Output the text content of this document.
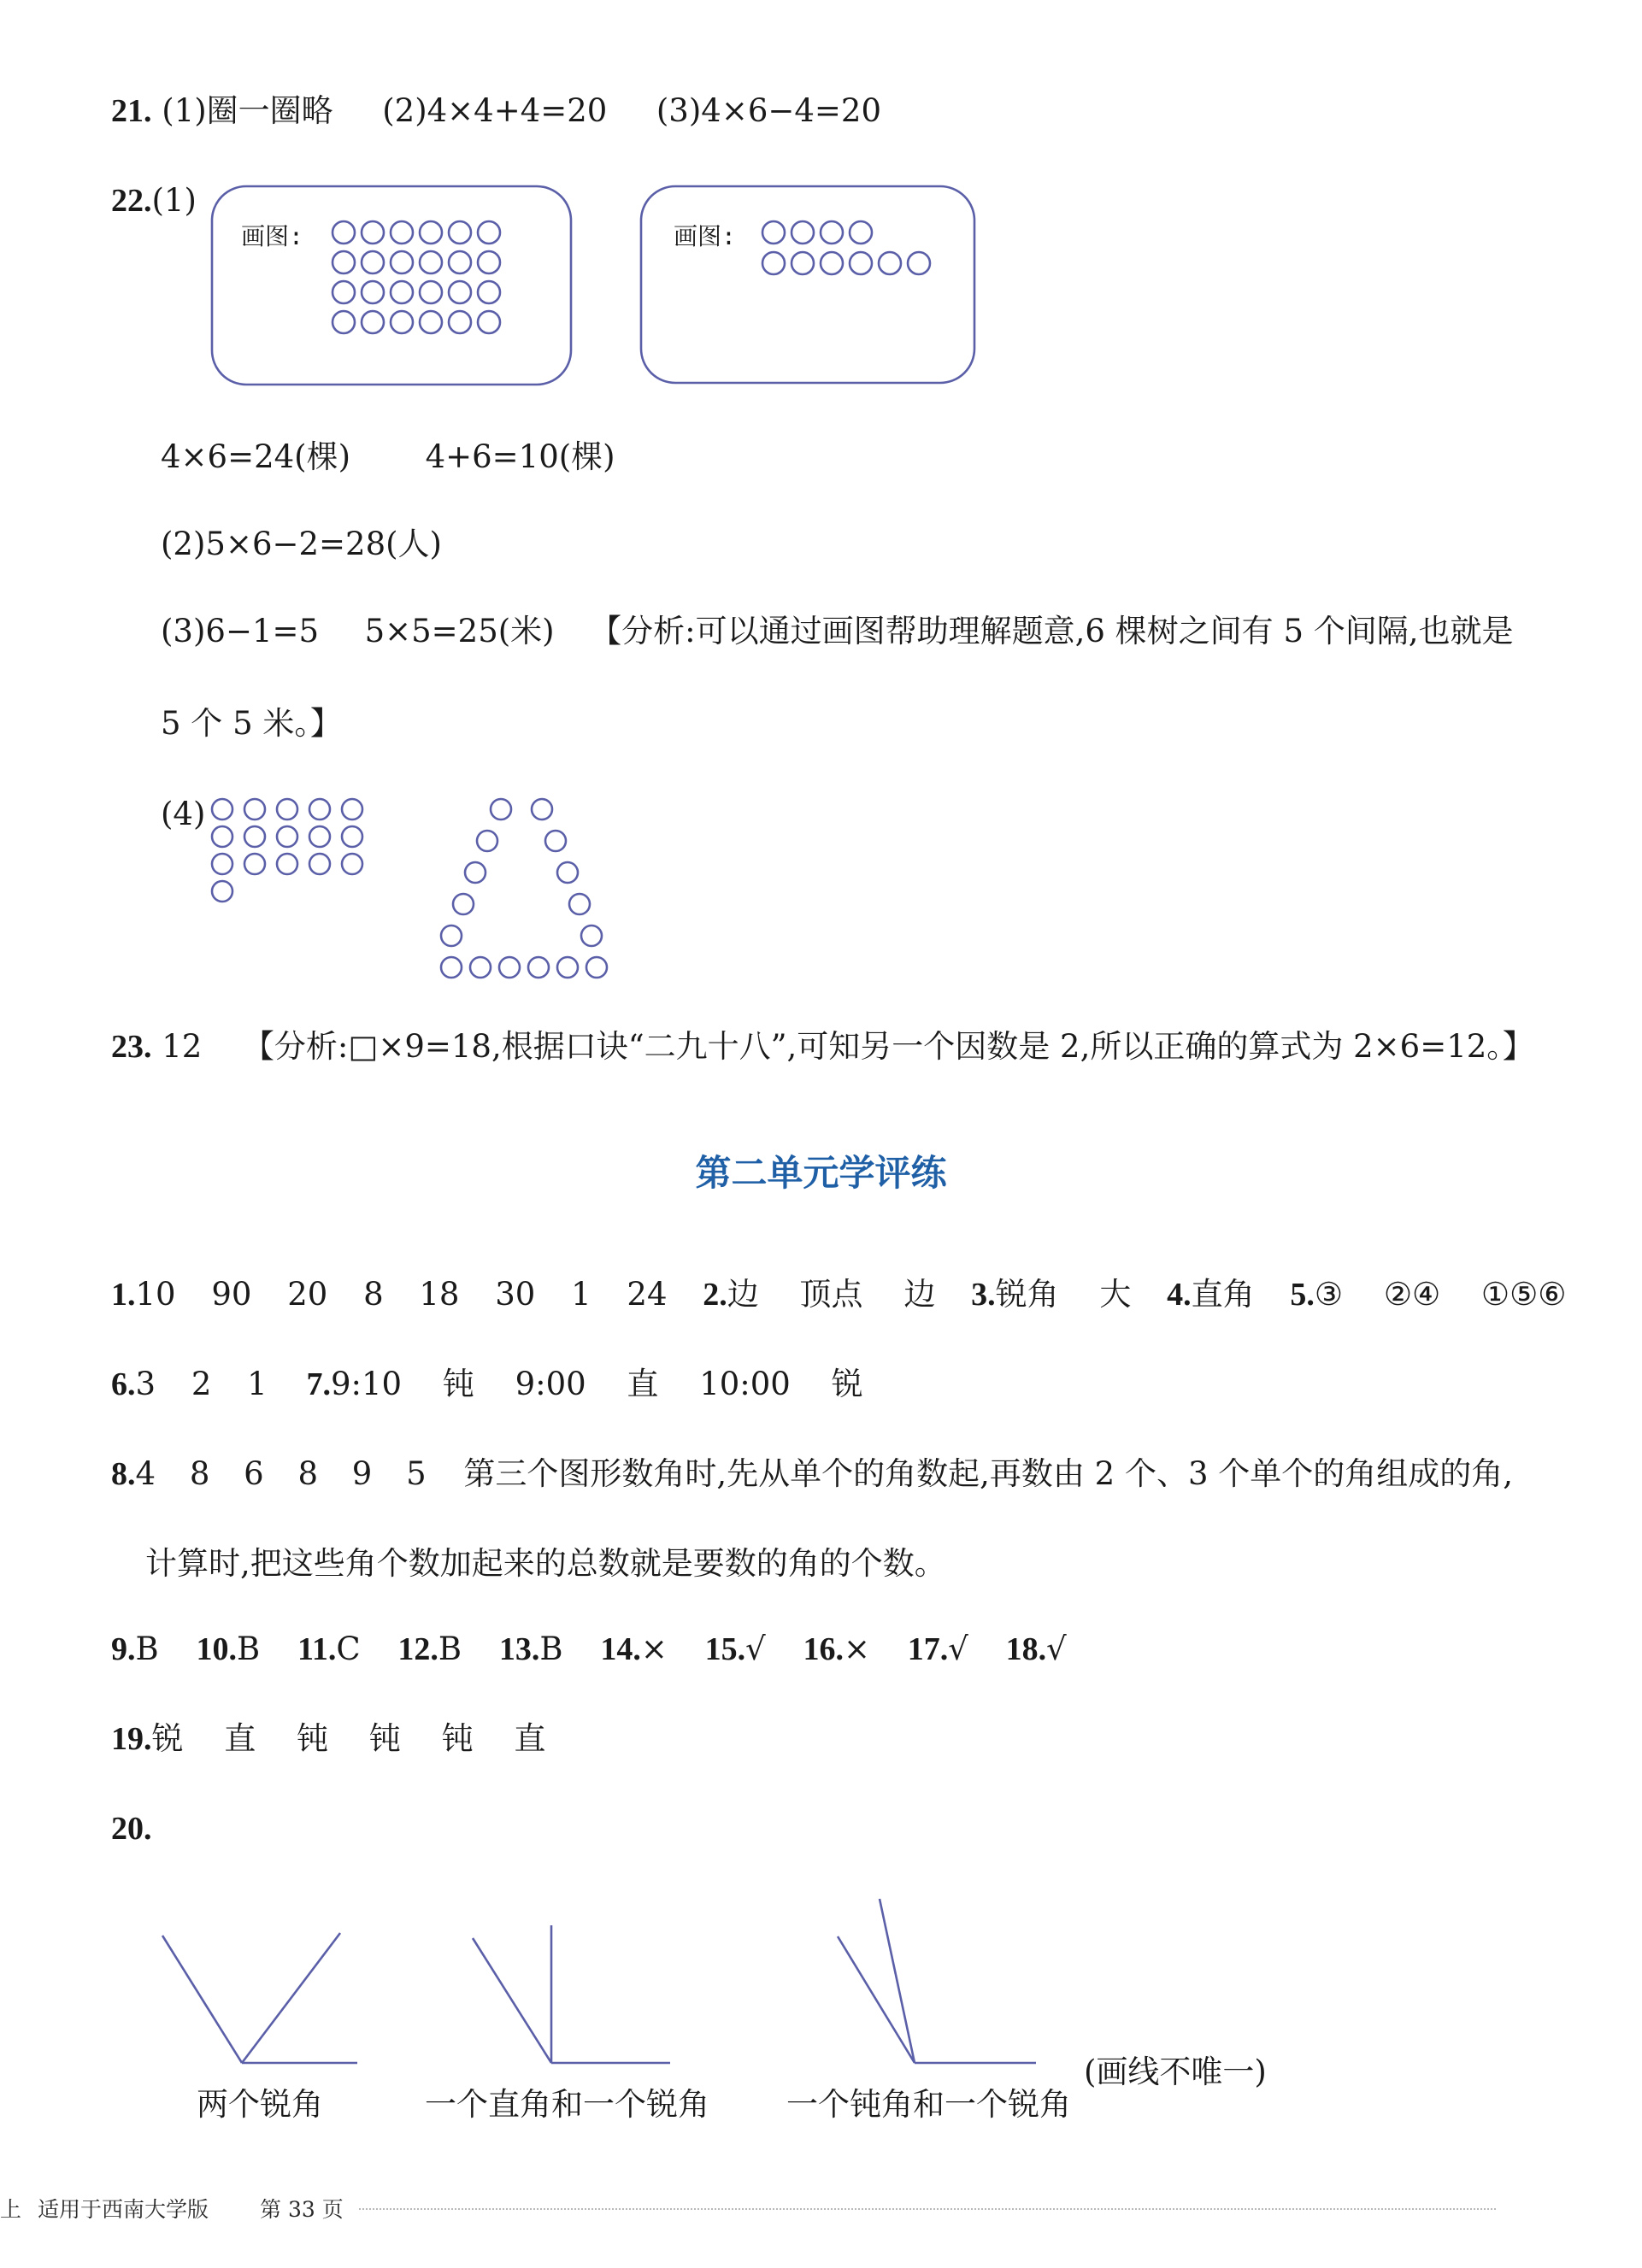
21. (1)圈一圈略 (2)4×4+4=20 (3)4×6−4=20
22.(1)
画图:	画图:
4×6=24(棵) 4+6=10(棵)
(2)5×6−2=28(人)
(3)6−1=5 5×5=25(米) 【分析:可以通过画图帮助理解题意,6 棵树之间有 5 个间隔,也就是
5 个 5 米。】
(4)
23. 12 【分析:□×9=18,根据口诀“二九十八”,可知另一个因数是 2,所以正确的算式为 2×6=12。】
第二单元学评练
1.10 90 20 8 18 30 1 24 2.边 顶点 边 3.锐角 大 4.直角 5.③ ②④ ①⑤⑥
6.3 2 1 7.9:10 钝 9:00 直 10:00 锐
8.4 8 6 8 9 5 第三个图形数角时,先从单个的角数起,再数由 2 个、3 个单个的角组成的角,
计算时,把这些角个数加起来的总数就是要数的角的个数。
9.B 10.B 11.C 12.B 13.B 14.× 15.√ 16.× 17.√ 18.√
19.锐 直 钝 钝 钝 直
20.
两个锐角	一个直角和一个锐角 一个钝角和一个锐角
(画线不唯一)
上 适用于西南大学版 第 33 页
